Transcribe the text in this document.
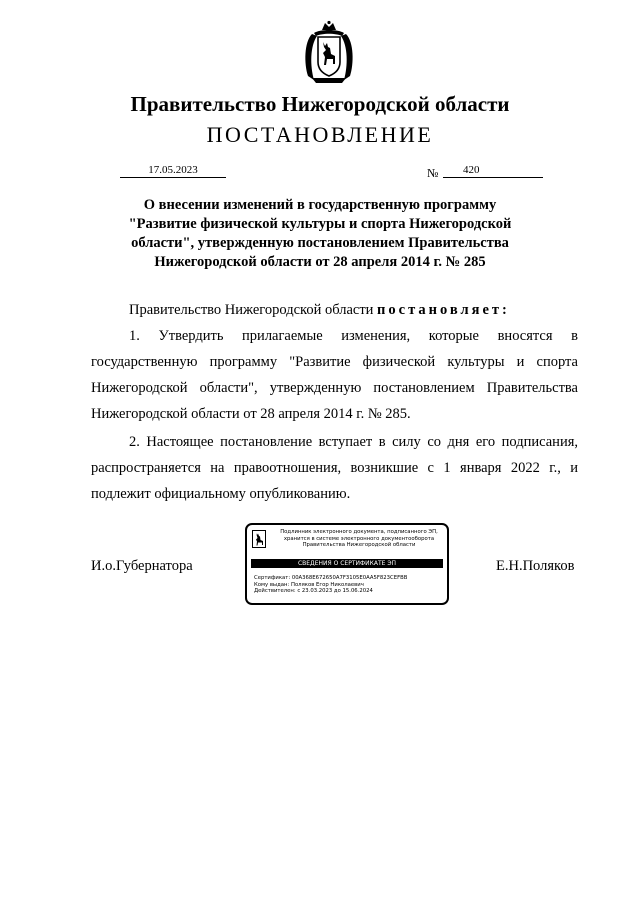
Правительство Нижегородской области
ПОСТАНОВЛЕНИЕ
17.05.2023	№	420
О внесении изменений в государственную программу
"Развитие физической культуры и спорта Нижегородской
области", утвержденную постановлением Правительства
Нижегородской области от 28 апреля 2014 г. № 285

Правительство Нижегородской области постановляет:

1. Утвердить прилагаемые изменения, которые вносятся в государственную программу "Развитие физической культуры и спорта Нижегородской области", утвержденную постановлением Правительства Нижегородской области от 28 апреля 2014 г. № 285.

2. Настоящее постановление вступает в силу со дня его подписания, распространяется на правоотношения, возникшие с 1 января 2022 г., и подлежит официальному опубликованию.

И.о.Губернатора
Подлинник электронного документа, подписанного ЭП,
хранится в системе электронного документооборота
Правительства Нижегородской области
СВЕДЕНИЯ О СЕРТИФИКАТЕ ЭП
Сертификат: 00A368E672650A7F3105E0AA5F823CEFBB
Кому выдан: Поляков Егор Николаевич
Действителен: с 23.03.2023 до 15.06.2024
Е.Н.Поляков
